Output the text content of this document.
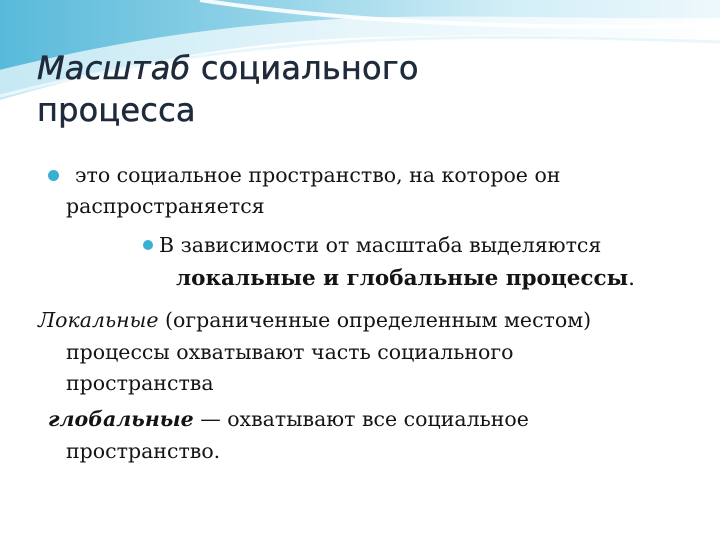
Масштаб социального
процесса

это социальное пространство, на которое он

распространяется

В зависимости от масштаба выделяются

локальные и глобальные процессы.

Локальные (ограниченные определенным местом)

процессы охватывают часть социального

пространства

глобальные — охватывают все социальное

пространство.
